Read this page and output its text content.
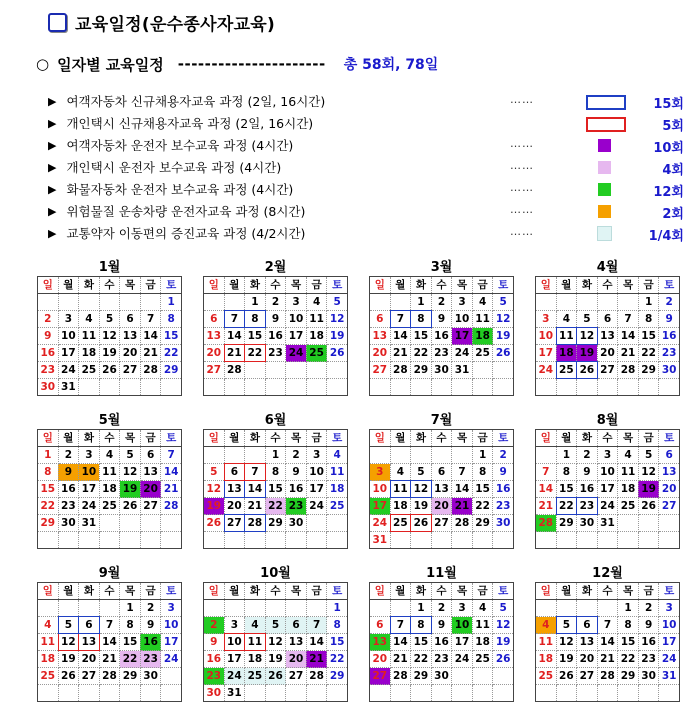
교육일정(운수종사자교육)
○ 일자별 교육일정 ---------------------- 총 58회, 78일
▶ 여객자동차 신규채용자교육 과정 (2일, 16시간)	……	15회
▶ 개인택시 신규채용자교육 과정 (2일, 16시간)	5회
▶ 여객자동차 운전자 보수교육 과정 (4시간)	……	10회
▶ 개인택시 운전자 보수교육 과정 (4시간)	……	4회
▶ 화물자동차 운전자 보수교육 과정 (4시간)	……	12회
▶ 위험물질 운송차량 운전자교육 과정 (8시간)	……	2회
▶ 교통약자 이동편의 증진교육 과정 (4/2시간)	……	1/4회
1월
일	월	화	수	목	금	토
						1
2	3	4	5	6	7	8
9	10	11	12	13	14	15
16	17	18	19	20	21	22
23	24	25	26	27	28	29
30	31					
2월
일	월	화	수	목	금	토
		1	2	3	4	5
6	7	8	9	10	11	12
13	14	15	16	17	18	19
20	21	22	23	24	25	26
27	28					

3월
일	월	화	수	목	금	토
		1	2	3	4	5
6	7	8	9	10	11	12
13	14	15	16	17	18	19
20	21	22	23	24	25	26
27	28	29	30	31		

4월
일	월	화	수	목	금	토
					1	2
3	4	5	6	7	8	9
10	11	12	13	14	15	16
17	18	19	20	21	22	23
24	25	26	27	28	29	30

5월
일	월	화	수	목	금	토
1	2	3	4	5	6	7
8	9	10	11	12	13	14
15	16	17	18	19	20	21
22	23	24	25	26	27	28
29	30	31				

6월
일	월	화	수	목	금	토
			1	2	3	4
5	6	7	8	9	10	11
12	13	14	15	16	17	18
19	20	21	22	23	24	25
26	27	28	29	30		

7월
일	월	화	수	목	금	토
					1	2
3	4	5	6	7	8	9
10	11	12	13	14	15	16
17	18	19	20	21	22	23
24	25	26	27	28	29	30
31						
8월
일	월	화	수	목	금	토
	1	2	3	4	5	6
7	8	9	10	11	12	13
14	15	16	17	18	19	20
21	22	23	24	25	26	27
28	29	30	31			

9월
일	월	화	수	목	금	토
				1	2	3
4	5	6	7	8	9	10
11	12	13	14	15	16	17
18	19	20	21	22	23	24
25	26	27	28	29	30	

10월
일	월	화	수	목	금	토
						1
2	3	4	5	6	7	8
9	10	11	12	13	14	15
16	17	18	19	20	21	22
23	24	25	26	27	28	29
30	31					
11월
일	월	화	수	목	금	토
		1	2	3	4	5
6	7	8	9	10	11	12
13	14	15	16	17	18	19
20	21	22	23	24	25	26
27	28	29	30			

12월
일	월	화	수	목	금	토
				1	2	3
4	5	6	7	8	9	10
11	12	13	14	15	16	17
18	19	20	21	22	23	24
25	26	27	28	29	30	31
